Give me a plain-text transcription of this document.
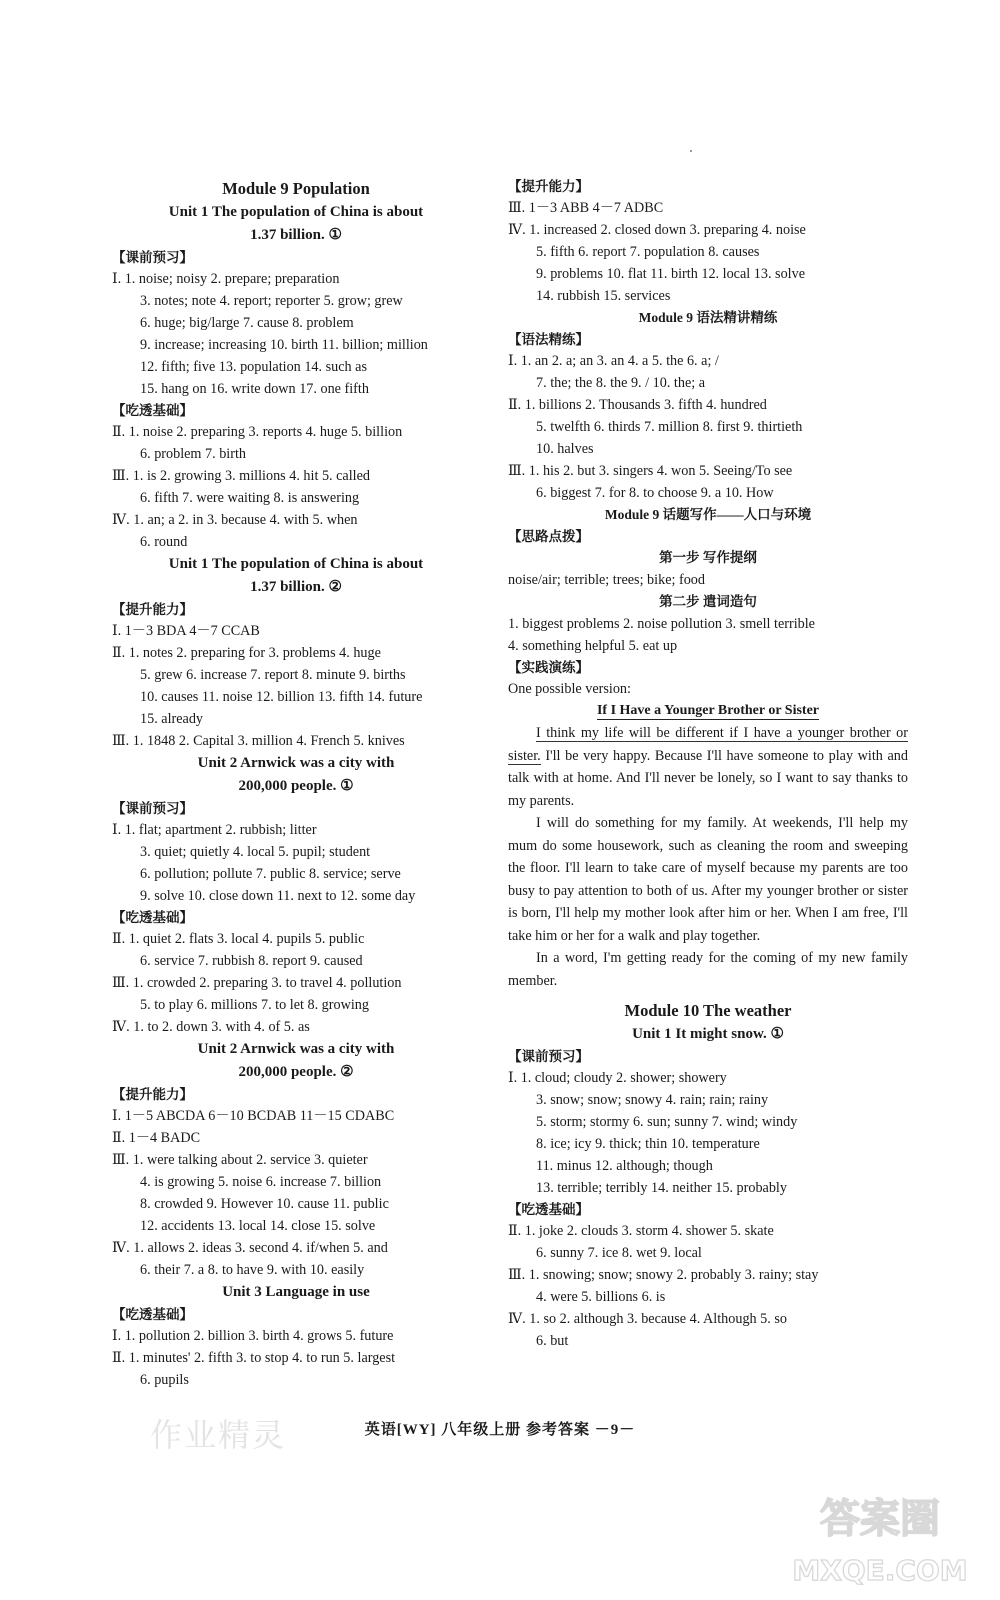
Module 9 Population
Unit 1 The population of China is about
1.37 billion. ①
【课前预习】
Ⅰ. 1. noise; noisy 2. prepare; preparation
3. notes; note 4. report; reporter 5. grow; grew
6. huge; big/large 7. cause 8. problem
9. increase; increasing 10. birth 11. billion; million
12. fifth; five 13. population 14. such as
15. hang on 16. write down 17. one fifth
【吃透基础】
Ⅱ. 1. noise 2. preparing 3. reports 4. huge 5. billion
6. problem 7. birth
Ⅲ. 1. is 2. growing 3. millions 4. hit 5. called
6. fifth 7. were waiting 8. is answering
Ⅳ. 1. an; a 2. in 3. because 4. with 5. when
6. round
Unit 1 The population of China is about
1.37 billion. ②
【提升能力】
Ⅰ. 1－3 BDA 4－7 CCAB
Ⅱ. 1. notes 2. preparing for 3. problems 4. huge
5. grew 6. increase 7. report 8. minute 9. births
10. causes 11. noise 12. billion 13. fifth 14. future
15. already
Ⅲ. 1. 1848 2. Capital 3. million 4. French 5. knives
Unit 2 Arnwick was a city with
200,000 people. ①
【课前预习】
Ⅰ. 1. flat; apartment 2. rubbish; litter
3. quiet; quietly 4. local 5. pupil; student
6. pollution; pollute 7. public 8. service; serve
9. solve 10. close down 11. next to 12. some day
【吃透基础】
Ⅱ. 1. quiet 2. flats 3. local 4. pupils 5. public
6. service 7. rubbish 8. report 9. caused
Ⅲ. 1. crowded 2. preparing 3. to travel 4. pollution
5. to play 6. millions 7. to let 8. growing
Ⅳ. 1. to 2. down 3. with 4. of 5. as
Unit 2 Arnwick was a city with
200,000 people. ②
【提升能力】
Ⅰ. 1－5 ABCDA 6－10 BCDAB 11－15 CDABC
Ⅱ. 1－4 BADC
Ⅲ. 1. were talking about 2. service 3. quieter
4. is growing 5. noise 6. increase 7. billion
8. crowded 9. However 10. cause 11. public
12. accidents 13. local 14. close 15. solve
Ⅳ. 1. allows 2. ideas 3. second 4. if/when 5. and
6. their 7. a 8. to have 9. with 10. easily
Unit 3 Language in use
【吃透基础】
Ⅰ. 1. pollution 2. billion 3. birth 4. grows 5. future
Ⅱ. 1. minutes' 2. fifth 3. to stop 4. to run 5. largest
6. pupils
【提升能力】
Ⅲ. 1－3 ABB 4－7 ADBC
Ⅳ. 1. increased 2. closed down 3. preparing 4. noise
5. fifth 6. report 7. population 8. causes
9. problems 10. flat 11. birth 12. local 13. solve
14. rubbish 15. services
Module 9 语法精讲精练
【语法精练】
Ⅰ. 1. an 2. a; an 3. an 4. a 5. the 6. a; /
7. the; the 8. the 9. / 10. the; a
Ⅱ. 1. billions 2. Thousands 3. fifth 4. hundred
5. twelfth 6. thirds 7. million 8. first 9. thirtieth
10. halves
Ⅲ. 1. his 2. but 3. singers 4. won 5. Seeing/To see
6. biggest 7. for 8. to choose 9. a 10. How
Module 9 话题写作——人口与环境
【思路点拨】
第一步 写作提纲
noise/air; terrible; trees; bike; food
第二步 遣词造句
1. biggest problems 2. noise pollution 3. smell terrible
4. something helpful 5. eat up
【实践演练】
One possible version:
If I Have a Younger Brother or Sister
I think my life will be different if I have a younger brother or sister. I'll be very happy. Because I'll have someone to play with and talk with at home. And I'll never be lonely, so I want to say thanks to my parents.
I will do something for my family. At weekends, I'll help my mum do some housework, such as cleaning the room and sweeping the floor. I'll learn to take care of myself because my parents are too busy to pay attention to both of us. After my younger brother or sister is born, I'll help my mother look after him or her. When I am free, I'll take him or her for a walk and play together.
In a word, I'm getting ready for the coming of my new family member.
Module 10 The weather
Unit 1 It might snow. ①
【课前预习】
Ⅰ. 1. cloud; cloudy 2. shower; showery
3. snow; snow; snowy 4. rain; rain; rainy
5. storm; stormy 6. sun; sunny 7. wind; windy
8. ice; icy 9. thick; thin 10. temperature
11. minus 12. although; though
13. terrible; terribly 14. neither 15. probably
【吃透基础】
Ⅱ. 1. joke 2. clouds 3. storm 4. shower 5. skate
6. sunny 7. ice 8. wet 9. local
Ⅲ. 1. snowing; snow; snowy 2. probably 3. rainy; stay
4. were 5. billions 6. is
Ⅳ. 1. so 2. although 3. because 4. Although 5. so
6. but
作业精灵	英语[WY] 八年级上册 参考答案 －9－
答案圈
MXQE.COM
